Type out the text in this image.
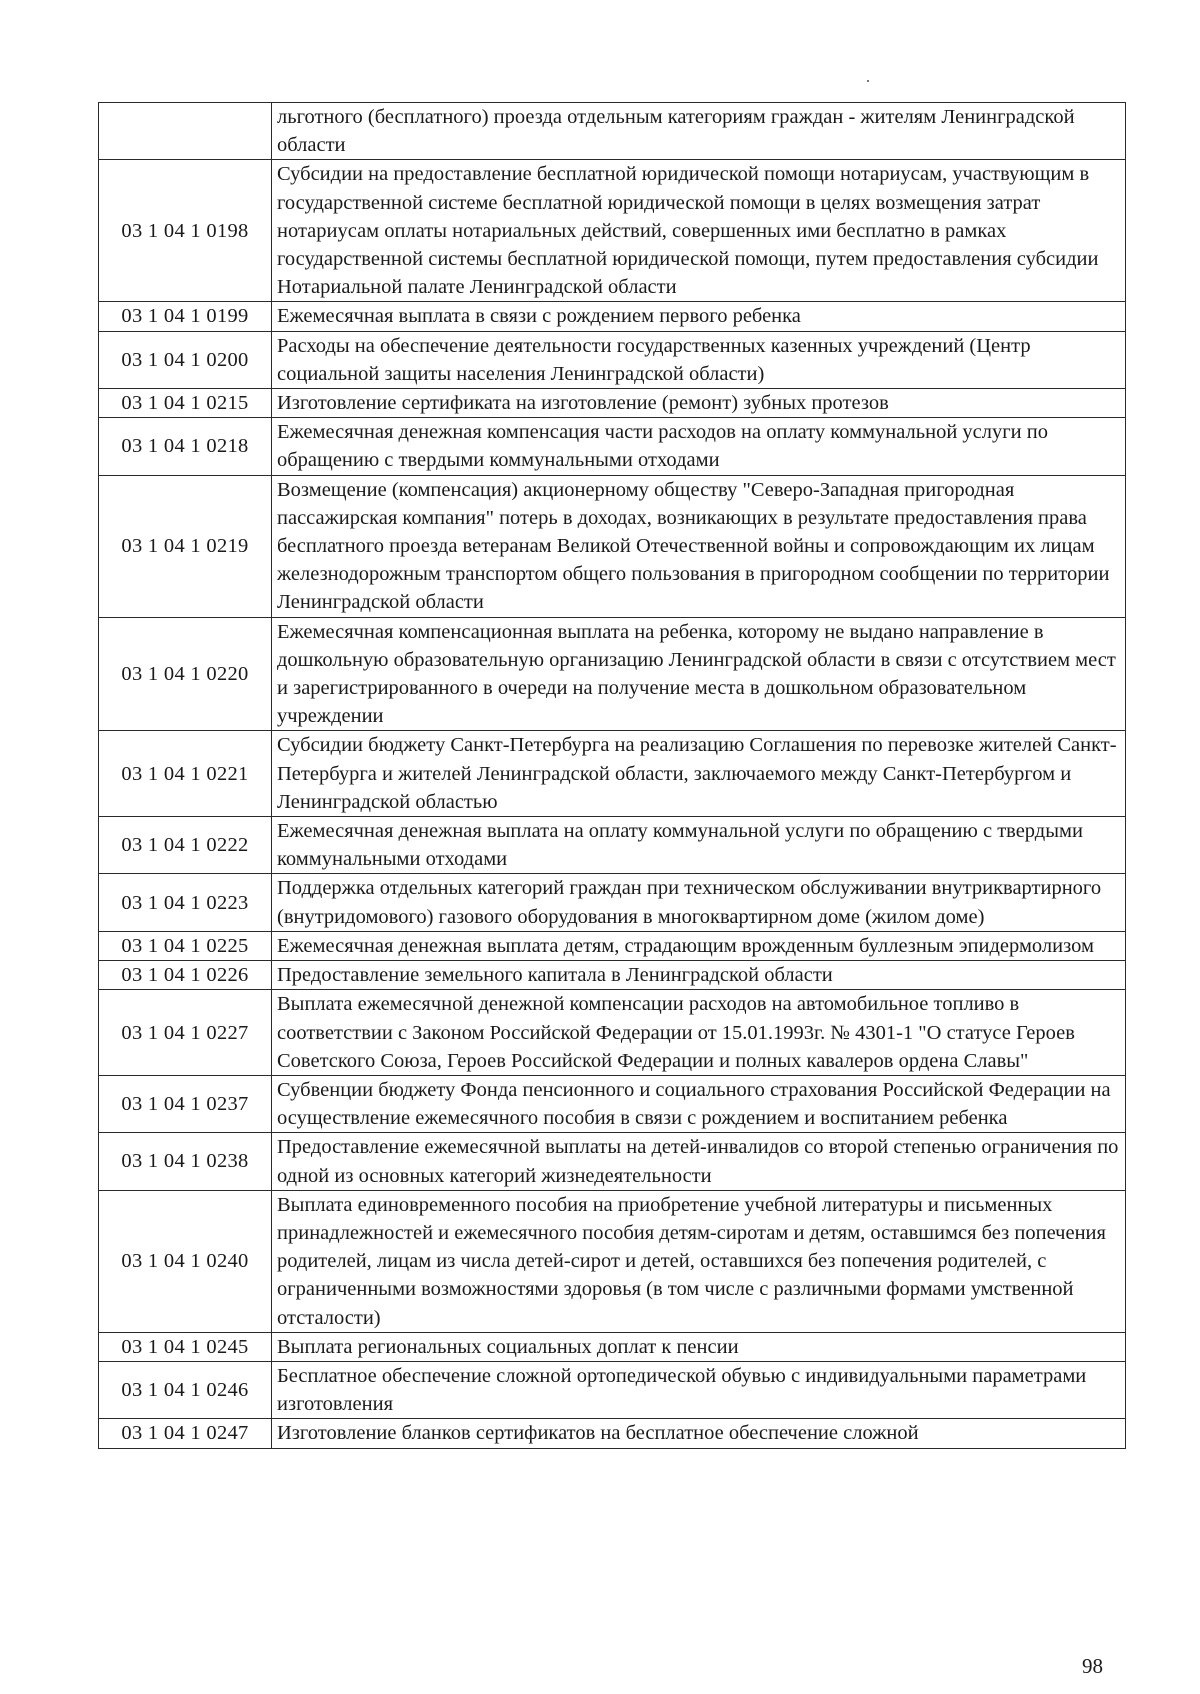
	льготного (бесплатного) проезда отдельным категориям граждан - жителям Ленинградской области
03 1 04 1 0198	Субсидии на предоставление бесплатной юридической помощи нотариусам, участвующим в государственной системе бесплатной юридической помощи в целях возмещения затрат нотариусам оплаты нотариальных действий, совершенных ими бесплатно в рамках государственной системы бесплатной юридической помощи, путем предоставления субсидии Нотариальной палате Ленинградской области
03 1 04 1 0199	Ежемесячная выплата в связи с рождением первого ребенка
03 1 04 1 0200	Расходы на обеспечение деятельности государственных казенных учреждений (Центр социальной защиты населения Ленинградской области)
03 1 04 1 0215	Изготовление сертификата на изготовление (ремонт) зубных протезов
03 1 04 1 0218	Ежемесячная денежная компенсация части расходов на оплату коммунальной услуги по обращению с твердыми коммунальными отходами
03 1 04 1 0219	Возмещение (компенсация) акционерному обществу "Северо-Западная пригородная пассажирская компания" потерь в доходах, возникающих в результате предоставления права бесплатного проезда ветеранам Великой Отечественной войны и сопровождающим их лицам железнодорожным транспортом общего пользования в пригородном сообщении по территории Ленинградской области
03 1 04 1 0220	Ежемесячная компенсационная выплата на ребенка, которому не выдано направление в дошкольную образовательную организацию Ленинградской области в связи с отсутствием мест и зарегистрированного в очереди на получение места в дошкольном образовательном учреждении
03 1 04 1 0221	Субсидии бюджету Санкт-Петербурга на реализацию Соглашения по перевозке жителей Санкт-Петербурга и жителей Ленинградской области, заключаемого между Санкт-Петербургом и Ленинградской областью
03 1 04 1 0222	Ежемесячная денежная выплата на оплату коммунальной услуги по обращению с твердыми коммунальными отходами
03 1 04 1 0223	Поддержка отдельных категорий граждан при техническом обслуживании внутриквартирного (внутридомового) газового оборудования в многоквартирном доме (жилом доме)
03 1 04 1 0225	Ежемесячная денежная выплата детям, страдающим врожденным буллезным эпидермолизом
03 1 04 1 0226	Предоставление земельного капитала в Ленинградской области
03 1 04 1 0227	Выплата ежемесячной денежной компенсации расходов на автомобильное топливо в соответствии с Законом Российской Федерации от 15.01.1993г. № 4301-1 "О статусе Героев Советского Союза, Героев Российской Федерации и полных кавалеров ордена Славы"
03 1 04 1 0237	Субвенции бюджету Фонда пенсионного и социального страхования Российской Федерации на осуществление ежемесячного пособия в связи с рождением и воспитанием ребенка
03 1 04 1 0238	Предоставление ежемесячной выплаты на детей-инвалидов со второй степенью ограничения по одной из основных категорий жизнедеятельности
03 1 04 1 0240	Выплата единовременного пособия на приобретение учебной литературы и письменных принадлежностей и ежемесячного пособия детям-сиротам и детям, оставшимся без попечения родителей, лицам из числа детей-сирот и детей, оставшихся без попечения родителей, с ограниченными возможностями здоровья (в том числе с различными формами умственной отсталости)
03 1 04 1 0245	Выплата региональных социальных доплат к пенсии
03 1 04 1 0246	Бесплатное обеспечение сложной ортопедической обувью с индивидуальными параметрами изготовления
03 1 04 1 0247	Изготовление бланков сертификатов на бесплатное обеспечение сложной
98
